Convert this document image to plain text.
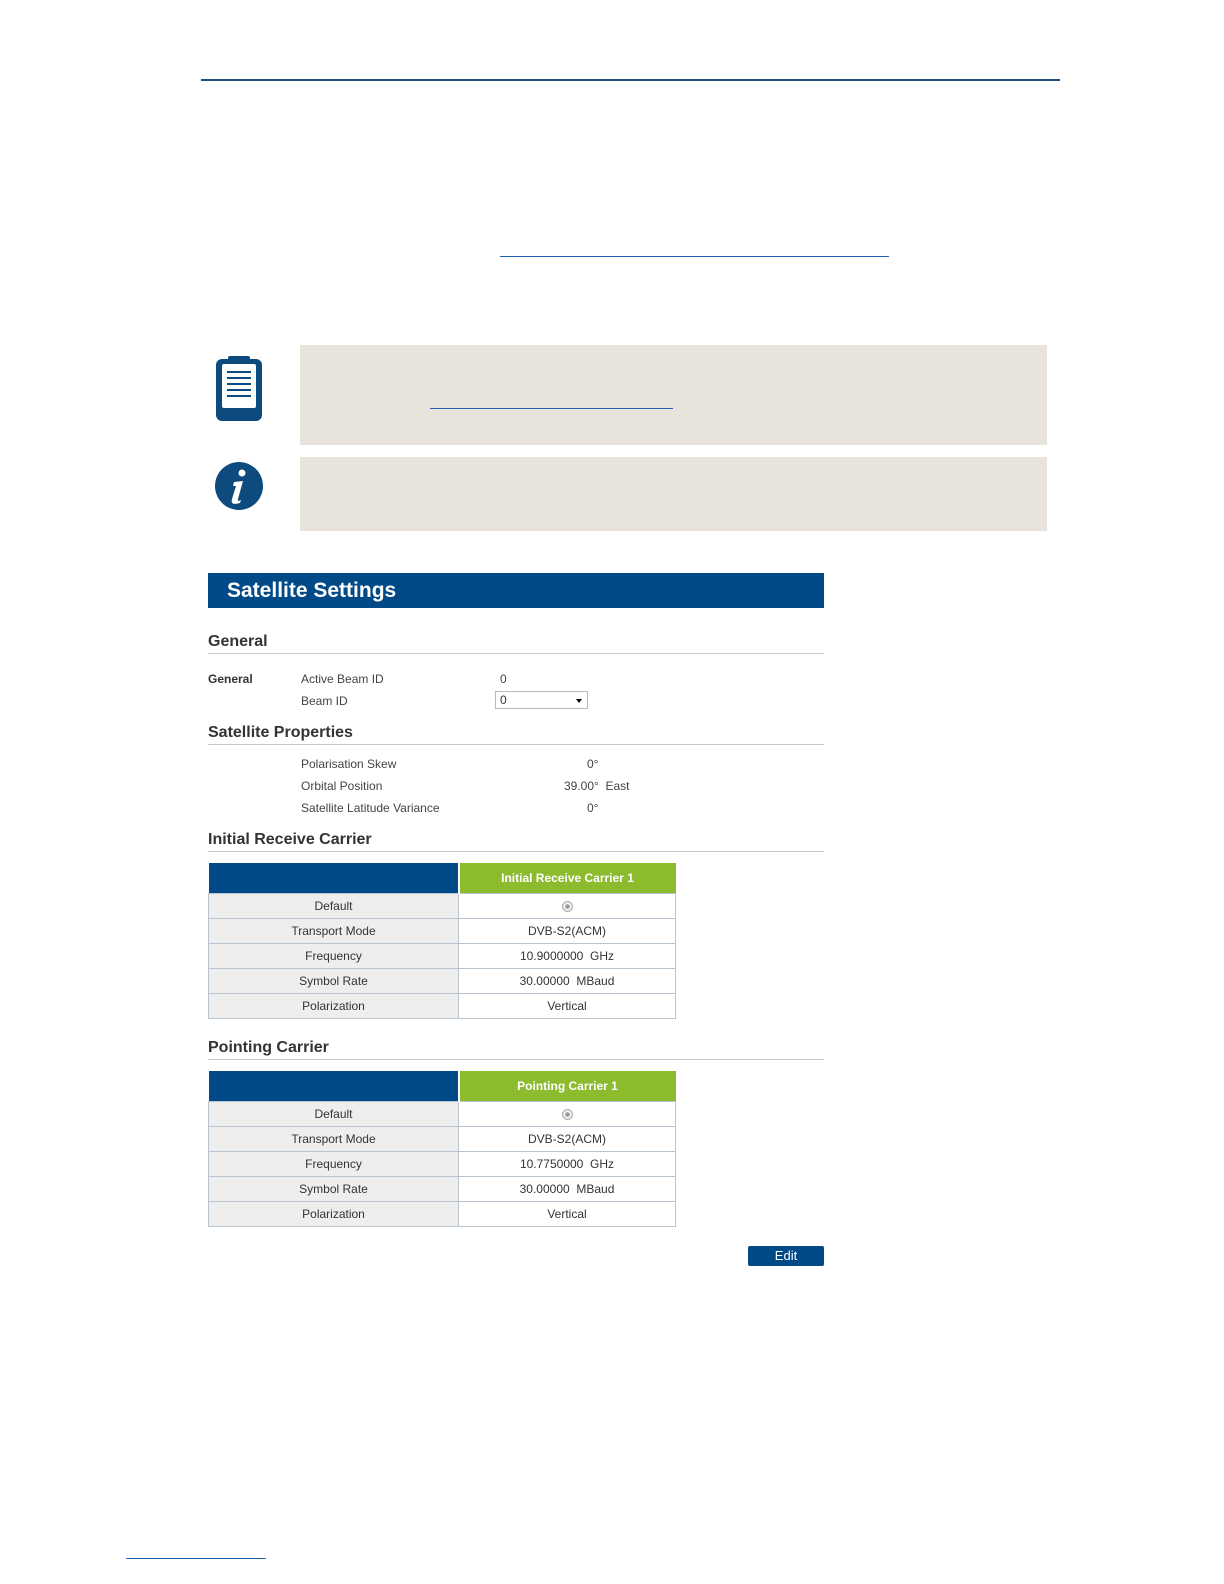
Satellite Settings
General
General	Active Beam ID	0
Beam ID	0
Satellite Properties
Polarisation Skew	0°
Orbital Position	39.00°  East
Satellite Latitude Variance	0°
Initial Receive Carrier
	Initial Receive Carrier 1
Default	
Transport Mode	DVB-S2(ACM)
Frequency	10.9000000  GHz
Symbol Rate	30.00000  MBaud
Polarization	Vertical
Pointing Carrier
	Pointing Carrier 1
Default	
Transport Mode	DVB-S2(ACM)
Frequency	10.7750000  GHz
Symbol Rate	30.00000  MBaud
Polarization	Vertical
Edit
